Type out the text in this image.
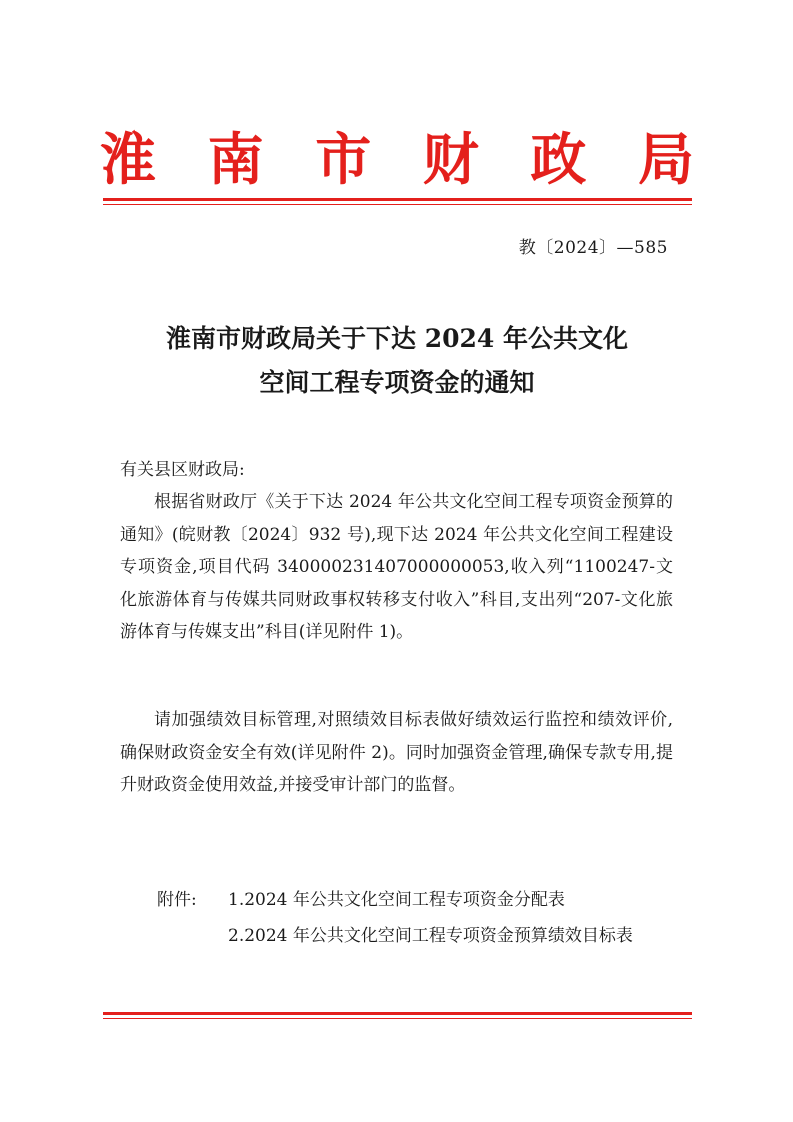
淮 南 市 财 政 局
教〔2024〕—585
淮南市财政局关于下达 2024 年公共文化
空间工程专项资金的通知
有关县区财政局:

根据省财政厅《关于下达 2024 年公共文化空间工程专项资金预算的通知》(皖财教〔2024〕932 号),现下达 2024 年公共文化空间工程建设专项资金,项目代码 340000231407000000053,收入列“1100247-文化旅游体育与传媒共同财政事权转移支付收入”科目,支出列“207-文化旅游体育与传媒支出”科目(详见附件 1)。

请加强绩效目标管理,对照绩效目标表做好绩效运行监控和绩效评价,确保财政资金安全有效(详见附件 2)。同时加强资金管理,确保专款专用,提升财政资金使用效益,并接受审计部门的监督。

附件: 1.2024 年公共文化空间工程专项资金分配表

2.2024 年公共文化空间工程专项资金预算绩效目标表
